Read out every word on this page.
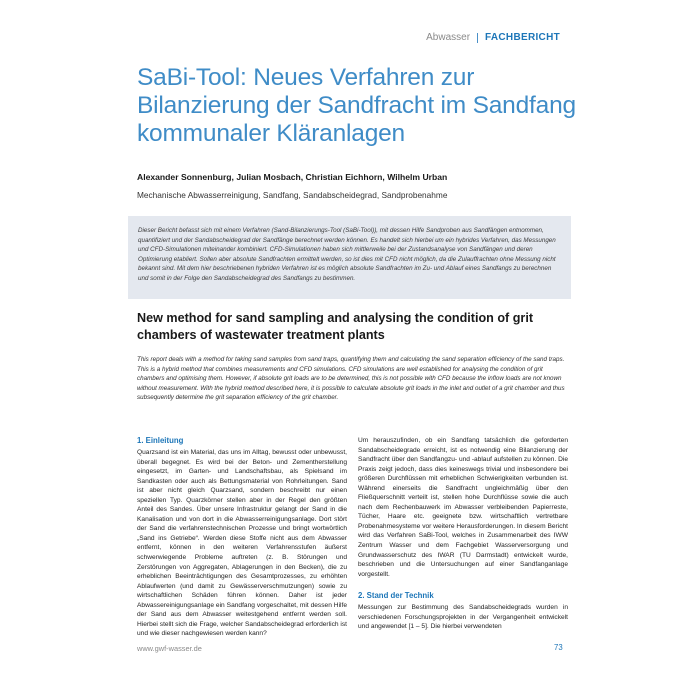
Abwasser FACHBERICHT
SaBi-Tool: Neues Verfahren zur Bilanzierung der Sandfracht im Sandfang kommunaler Kläranlagen
Alexander Sonnenburg, Julian Mosbach, Christian Eichhorn, Wilhelm Urban
Mechanische Abwasserreinigung, Sandfang, Sandabscheidegrad, Sandprobenahme

Dieser Bericht befasst sich mit einem Verfahren (Sand-Bilanzierungs-Tool (SaBi-Tool)), mit dessen Hilfe Sandproben aus Sandfängen entnommen, quantifiziert und der Sandabscheidegrad der Sandfänge berechnet werden können. Es handelt sich hierbei um ein hybrides Verfahren, das Messungen und CFD-Simulationen miteinander kombiniert. CFD-Simulationen haben sich mittlerweile bei der Zustandsanalyse von Sandfängen und deren Optimierung etabliert. Sollen aber absolute Sandfrachten ermittelt werden, so ist dies mit CFD nicht möglich, da die Zulauffrachten ohne Messung nicht bekannt sind. Mit dem hier beschriebenen hybriden Verfahren ist es möglich absolute Sandfrachten im Zu- und Ablauf eines Sandfangs zu berechnen und somit in der Folge den Sandabscheidegrad des Sandfangs zu bestimmen.

New method for sand sampling and analysing the condition of grit chambers of wastewater treatment plants

This report deals with a method for taking sand samples from sand traps, quantifying them and calculating the sand separation efficiency of the sand traps. This is a hybrid method that combines measurements and CFD simulations. CFD simulations are well established for analysing the condition of grit chambers and optimising them. However, if absolute grit loads are to be determined, this is not possible with CFD because the inflow loads are not known without measurement. With the hybrid method described here, it is possible to calculate absolute grit loads in the inlet and outlet of a grit chamber and thus subsequently determine the grit separation efficiency of the grit chamber.

1. Einleitung

Quarzsand ist ein Material, das uns im Alltag, bewusst oder unbewusst, überall begegnet. Es wird bei der Beton- und Zementherstellung eingesetzt, im Garten- und Landschaftsbau, als Spielsand im Sandkasten oder auch als Bettungsmaterial von Rohrleitungen. Sand ist aber nicht gleich Quarzsand, sondern beschreibt nur einen speziellen Typ. Quarzkörner stellen aber in der Regel den größten Anteil des Sandes. Über unsere Infrastruktur gelangt der Sand in die Kanalisation und von dort in die Abwasserreinigungsanlage. Dort stört der Sand die verfahrenstechnischen Prozesse und bringt wortwörtlich „Sand ins Getriebe“. Werden diese Stoffe nicht aus dem Abwasser entfernt, können in den weiteren Verfahrensstufen äußerst schwerwiegende Probleme auftreten (z. B. Störungen und Zerstörungen von Aggregaten, Ablagerungen in den Becken), die zu erheblichen Beeinträchtigungen des Gesamtprozesses, zu erhöhten Ablaufwerten (und damit zu Gewässerverschmutzungen) sowie zu wirtschaftlichen Schäden führen können. Daher ist jeder Abwassereinigungsanlage ein Sandfang vorgeschaltet, mit dessen Hilfe der Sand aus dem Abwasser weitestgehend entfernt werden soll. Hierbei stellt sich die Frage, welcher Sandabscheidegrad erforderlich ist und wie dieser nachgewiesen werden kann?

Um herauszufinden, ob ein Sandfang tatsächlich die geforderten Sandabscheidegrade erreicht, ist es notwendig eine Bilanzierung der Sandfracht über den Sandfangzu- und -ablauf aufstellen zu können. Die Praxis zeigt jedoch, dass dies keineswegs trivial und insbesondere bei größeren Durchflüssen mit erheblichen Schwierigkeiten verbunden ist. Während einerseits die Sandfracht ungleichmäßig über den Fließquerschnitt verteilt ist, stellen hohe Durchflüsse sowie die auch nach dem Rechenbauwerk im Abwasser verbleibenden Papierreste, Tücher, Haare etc. geeignete bzw. wirtschaftlich vertretbare Probenahmesysteme vor weitere Herausforderungen. In diesem Bericht wird das Verfahren SaBi-Tool, welches in Zusammenarbeit des IWW Zentrum Wasser und dem Fachgebiet Wasserversorgung und Grundwasserschutz des IWAR (TU Darmstadt) entwickelt wurde, beschrieben und die Untersuchungen auf einer Sandfanganlage vorgestellt.

2. Stand der Technik

Messungen zur Bestimmung des Sandabscheidegrads wurden in verschiedenen Forschungsprojekten in der Vergangenheit entwickelt und angewendet [1 – 5]. Die hierbei verwendeten

www.gwf-wasser.de	73
